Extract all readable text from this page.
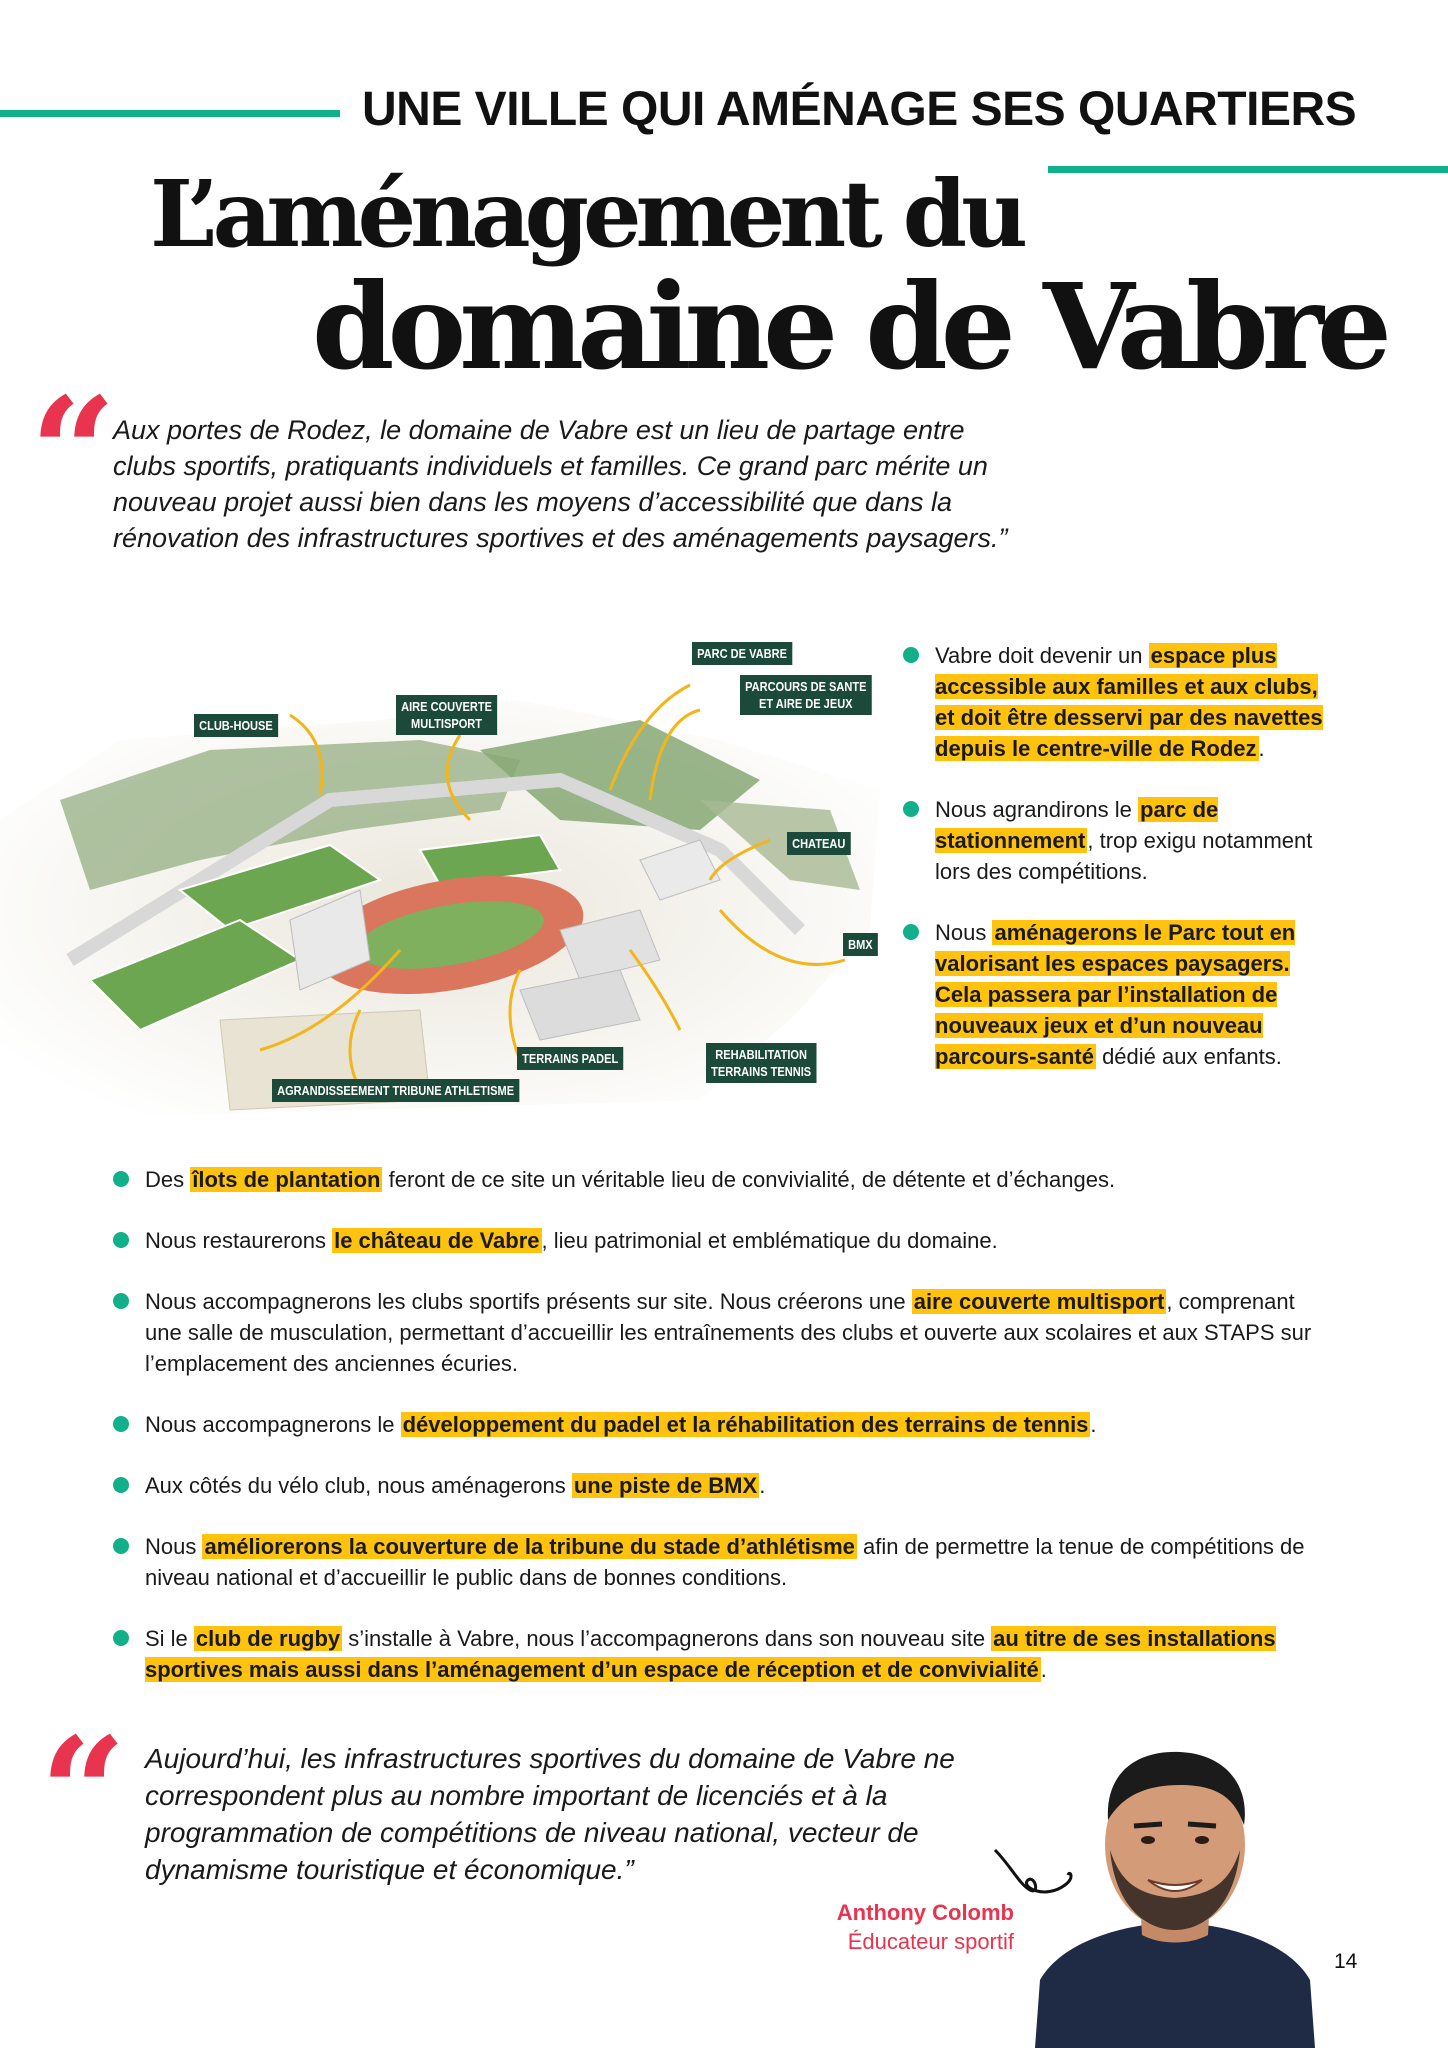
UNE VILLE QUI AMÉNAGE SES QUARTIERS
L’aménagement du
domaine de Vabre
“
Aux portes de Rodez, le domaine de Vabre est un lieu de partage entre clubs sportifs, pratiquants individuels et familles. Ce grand parc mérite un nouveau projet aussi bien dans les moyens d’accessibilité que dans la rénovation des infrastructures sportives et des aménagements paysagers.”
PARC DE VABRE
PARCOURS DE SANTE
ET AIRE DE JEUX
CLUB-HOUSE
AIRE COUVERTE
MULTISPORT
CHATEAU
BMX
TERRAINS PADEL	REHABILITATION
TERRAINS TENNIS
AGRANDISSEEMENT TRIBUNE ATHLETISME
Vabre doit devenir un espace plus accessible aux familles et aux clubs, et doit être desservi par des navettes depuis le centre-ville de Rodez.
Nous agrandirons le parc de stationnement, trop exigu notamment lors des compétitions.
Nous aménagerons le Parc tout en valorisant les espaces paysagers. Cela passera par l’installation de nouveaux jeux et d’un nouveau parcours-santé dédié aux enfants.
Des îlots de plantation feront de ce site un véritable lieu de convivialité, de détente et d’échanges.
Nous restaurerons le château de Vabre, lieu patrimonial et emblématique du domaine.
Nous accompagnerons les clubs sportifs présents sur site. Nous créerons une aire couverte multisport, comprenant une salle de musculation, permettant d’accueillir les entraînements des clubs et ouverte aux scolaires et aux STAPS sur l’emplacement des anciennes écuries.
Nous accompagnerons le développement du padel et la réhabilitation des terrains de tennis.
Aux côtés du vélo club, nous aménagerons une piste de BMX.
Nous améliorerons la couverture de la tribune du stade d’athlétisme afin de permettre la tenue de compétitions de niveau national et d’accueillir le public dans de bonnes conditions.
Si le club de rugby s’installe à Vabre, nous l’accompagnerons dans son nouveau site au titre de ses installations sportives mais aussi dans l’aménagement d’un espace de réception et de convivialité.
“ Aujourd’hui, les infrastructures sportives du domaine de Vabre ne correspondent plus au nombre important de licenciés et à la programmation de compétitions de niveau national, vecteur de dynamisme touristique et économique.”
Anthony Colomb
Éducateur sportif
14
